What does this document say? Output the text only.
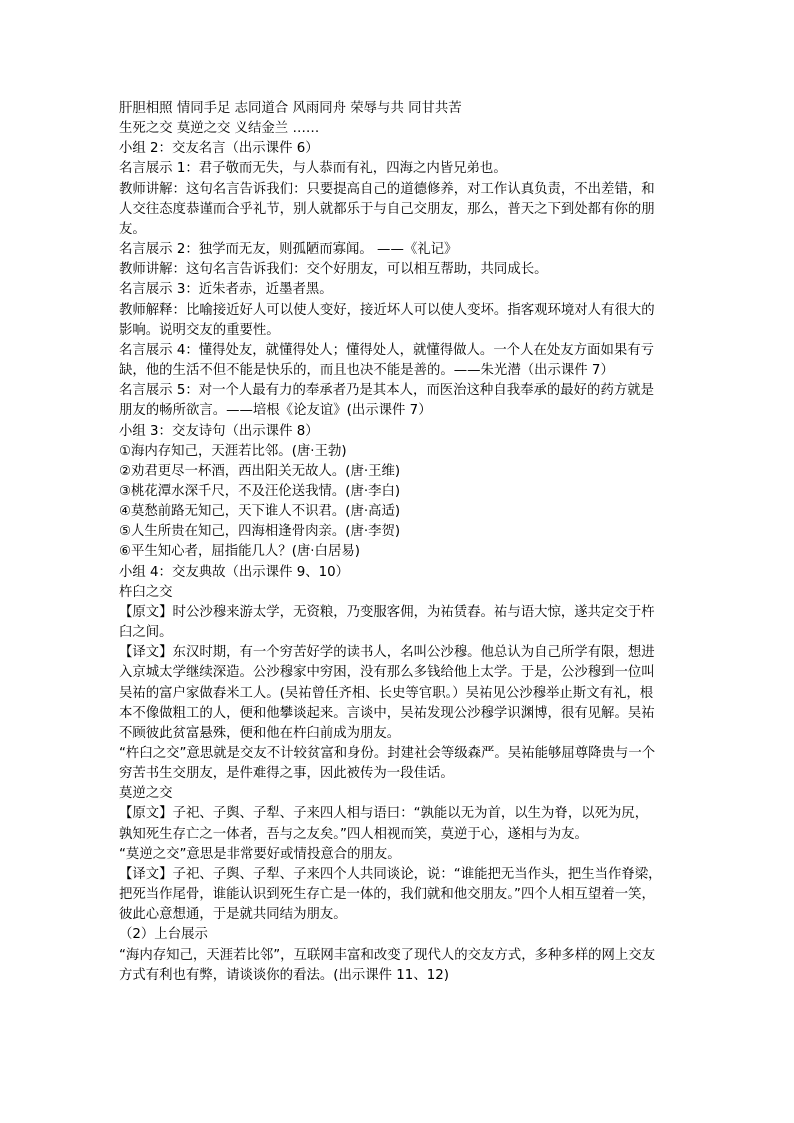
肝胆相照 情同手足 志同道合 风雨同舟 荣辱与共 同甘共苦
生死之交 莫逆之交 义结金兰 ……
小组 2：交友名言（出示课件 6）
名言展示 1：君子敬而无失，与人恭而有礼，四海之内皆兄弟也。
教师讲解：这句名言告诉我们：只要提高自己的道德修养，对工作认真负责，不出差错，和
人交往态度恭谨而合乎礼节，别人就都乐于与自己交朋友，那么，普天之下到处都有你的朋
友。
名言展示 2：独学而无友，则孤陋而寡闻。 ——《礼记》
教师讲解：这句名言告诉我们：交个好朋友，可以相互帮助，共同成长。
名言展示 3：近朱者赤，近墨者黑。
教师解释：比喻接近好人可以使人变好，接近坏人可以使人变坏。指客观环境对人有很大的
影响。说明交友的重要性。
名言展示 4：懂得处友，就懂得处人；懂得处人，就懂得做人。一个人在处友方面如果有亏
缺，他的生活不但不能是快乐的，而且也决不能是善的。——朱光潜（出示课件 7）
名言展示 5：对一个人最有力的奉承者乃是其本人，而医治这种自我奉承的最好的药方就是
朋友的畅所欲言。——培根《论友谊》(出示课件 7）
小组 3：交友诗句（出示课件 8）
①海内存知己，天涯若比邻。(唐·王勃)
②劝君更尽一杯酒，西出阳关无故人。(唐·王维)
③桃花潭水深千尺，不及汪伦送我情。(唐·李白)
④莫愁前路无知己，天下谁人不识君。(唐·高适)
⑤人生所贵在知己，四海相逢骨肉亲。(唐·李贺)
⑥平生知心者，屈指能几人？(唐·白居易)
小组 4：交友典故（出示课件 9、10）
杵臼之交
【原文】时公沙穆来游太学，无资粮，乃变服客佣，为祐赁舂。祐与语大惊，遂共定交于杵
臼之间。
【译文】东汉时期，有一个穷苦好学的读书人，名叫公沙穆。他总认为自己所学有限，想进
入京城太学继续深造。公沙穆家中穷困，没有那么多钱给他上太学。于是，公沙穆到一位叫
吴祐的富户家做舂米工人。(吴祐曾任齐相、长史等官职。）吴祐见公沙穆举止斯文有礼，根
本不像做粗工的人，便和他攀谈起来。言谈中，吴祐发现公沙穆学识渊博，很有见解。吴祐
不顾彼此贫富悬殊，便和他在杵臼前成为朋友。
“杵臼之交”意思就是交友不计较贫富和身份。封建社会等级森严。吴祐能够屈尊降贵与一个
穷苦书生交朋友，是件难得之事，因此被传为一段佳话。
莫逆之交
【原文】子祀、子舆、子犁、子来四人相与语曰：“孰能以无为首，以生为脊，以死为尻，
孰知死生存亡之一体者，吾与之友矣。”四人相视而笑，莫逆于心，遂相与为友。
“莫逆之交”意思是非常要好或情投意合的朋友。
【译文】子祀、子舆、子犁、子来四个人共同谈论，说：“谁能把无当作头，把生当作脊梁，
把死当作尾骨，谁能认识到死生存亡是一体的，我们就和他交朋友。”四个人相互望着一笑，
彼此心意想通，于是就共同结为朋友。
（2）上台展示
“海内存知己，天涯若比邻”，互联网丰富和改变了现代人的交友方式，多种多样的网上交友
方式有利也有弊，请谈谈你的看法。(出示课件 11、12)
